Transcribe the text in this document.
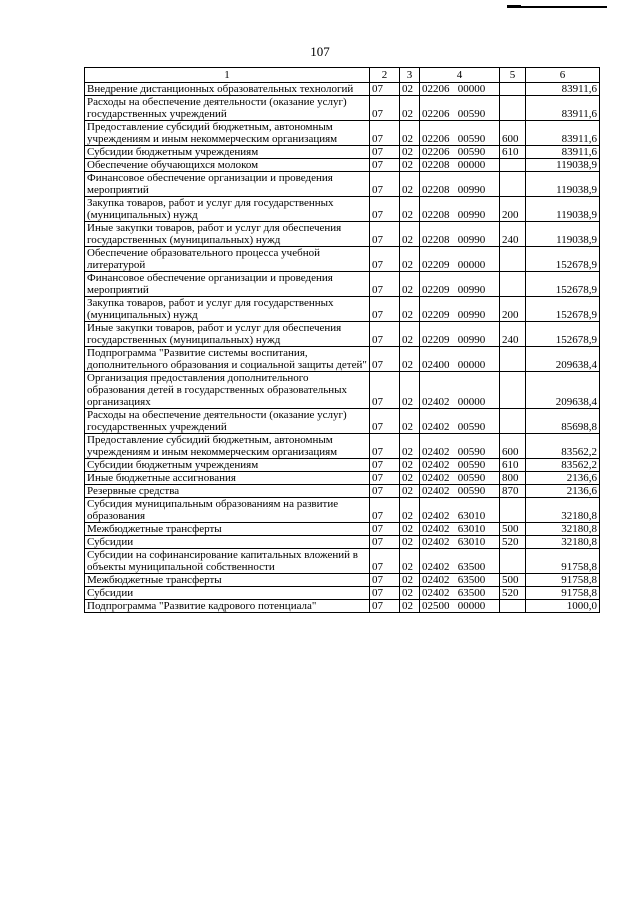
107
1	2	3	4	5	6
Внедрение дистанционных образовательных технологий	07	02	02206 00000		83911,6
Расходы на обеспечение деятельности (оказание услуг) государственных учреждений	07	02	02206 00590		83911,6
Предоставление субсидий бюджетным, автономным учреждениям и иным некоммерческим организациям	07	02	02206 00590	600	83911,6
Субсидии бюджетным учреждениям	07	02	02206 00590	610	83911,6
Обеспечение обучающихся молоком	07	02	02208 00000		119038,9
Финансовое обеспечение организации и проведения мероприятий	07	02	02208 00990		119038,9
Закупка товаров, работ и услуг для государственных (муниципальных) нужд	07	02	02208 00990	200	119038,9
Иные закупки товаров, работ и услуг для обеспечения государственных (муниципальных) нужд	07	02	02208 00990	240	119038,9
Обеспечение образовательного процесса учебной литературой	07	02	02209 00000		152678,9
Финансовое обеспечение организации и проведения мероприятий	07	02	02209 00990		152678,9
Закупка товаров, работ и услуг для государственных (муниципальных) нужд	07	02	02209 00990	200	152678,9
Иные закупки товаров, работ и услуг для обеспечения государственных (муниципальных) нужд	07	02	02209 00990	240	152678,9
Подпрограмма "Развитие системы воспитания, дополнительного образования и социальной защиты детей"	07	02	02400 00000		209638,4
Организация предоставления дополнительного образования детей в государственных образовательных организациях	07	02	02402 00000		209638,4
Расходы на обеспечение деятельности (оказание услуг) государственных учреждений	07	02	02402 00590		85698,8
Предоставление субсидий бюджетным, автономным учреждениям и иным некоммерческим организациям	07	02	02402 00590	600	83562,2
Субсидии бюджетным учреждениям	07	02	02402 00590	610	83562,2
Иные бюджетные ассигнования	07	02	02402 00590	800	2136,6
Резервные средства	07	02	02402 00590	870	2136,6
Субсидия муниципальным образованиям на развитие образования	07	02	02402 63010		32180,8
Межбюджетные трансферты	07	02	02402 63010	500	32180,8
Субсидии	07	02	02402 63010	520	32180,8
Субсидии на софинансирование капитальных вложений в объекты муниципальной собственности	07	02	02402 63500		91758,8
Межбюджетные трансферты	07	02	02402 63500	500	91758,8
Субсидии	07	02	02402 63500	520	91758,8
Подпрограмма "Развитие кадрового потенциала"	07	02	02500 00000		1000,0
